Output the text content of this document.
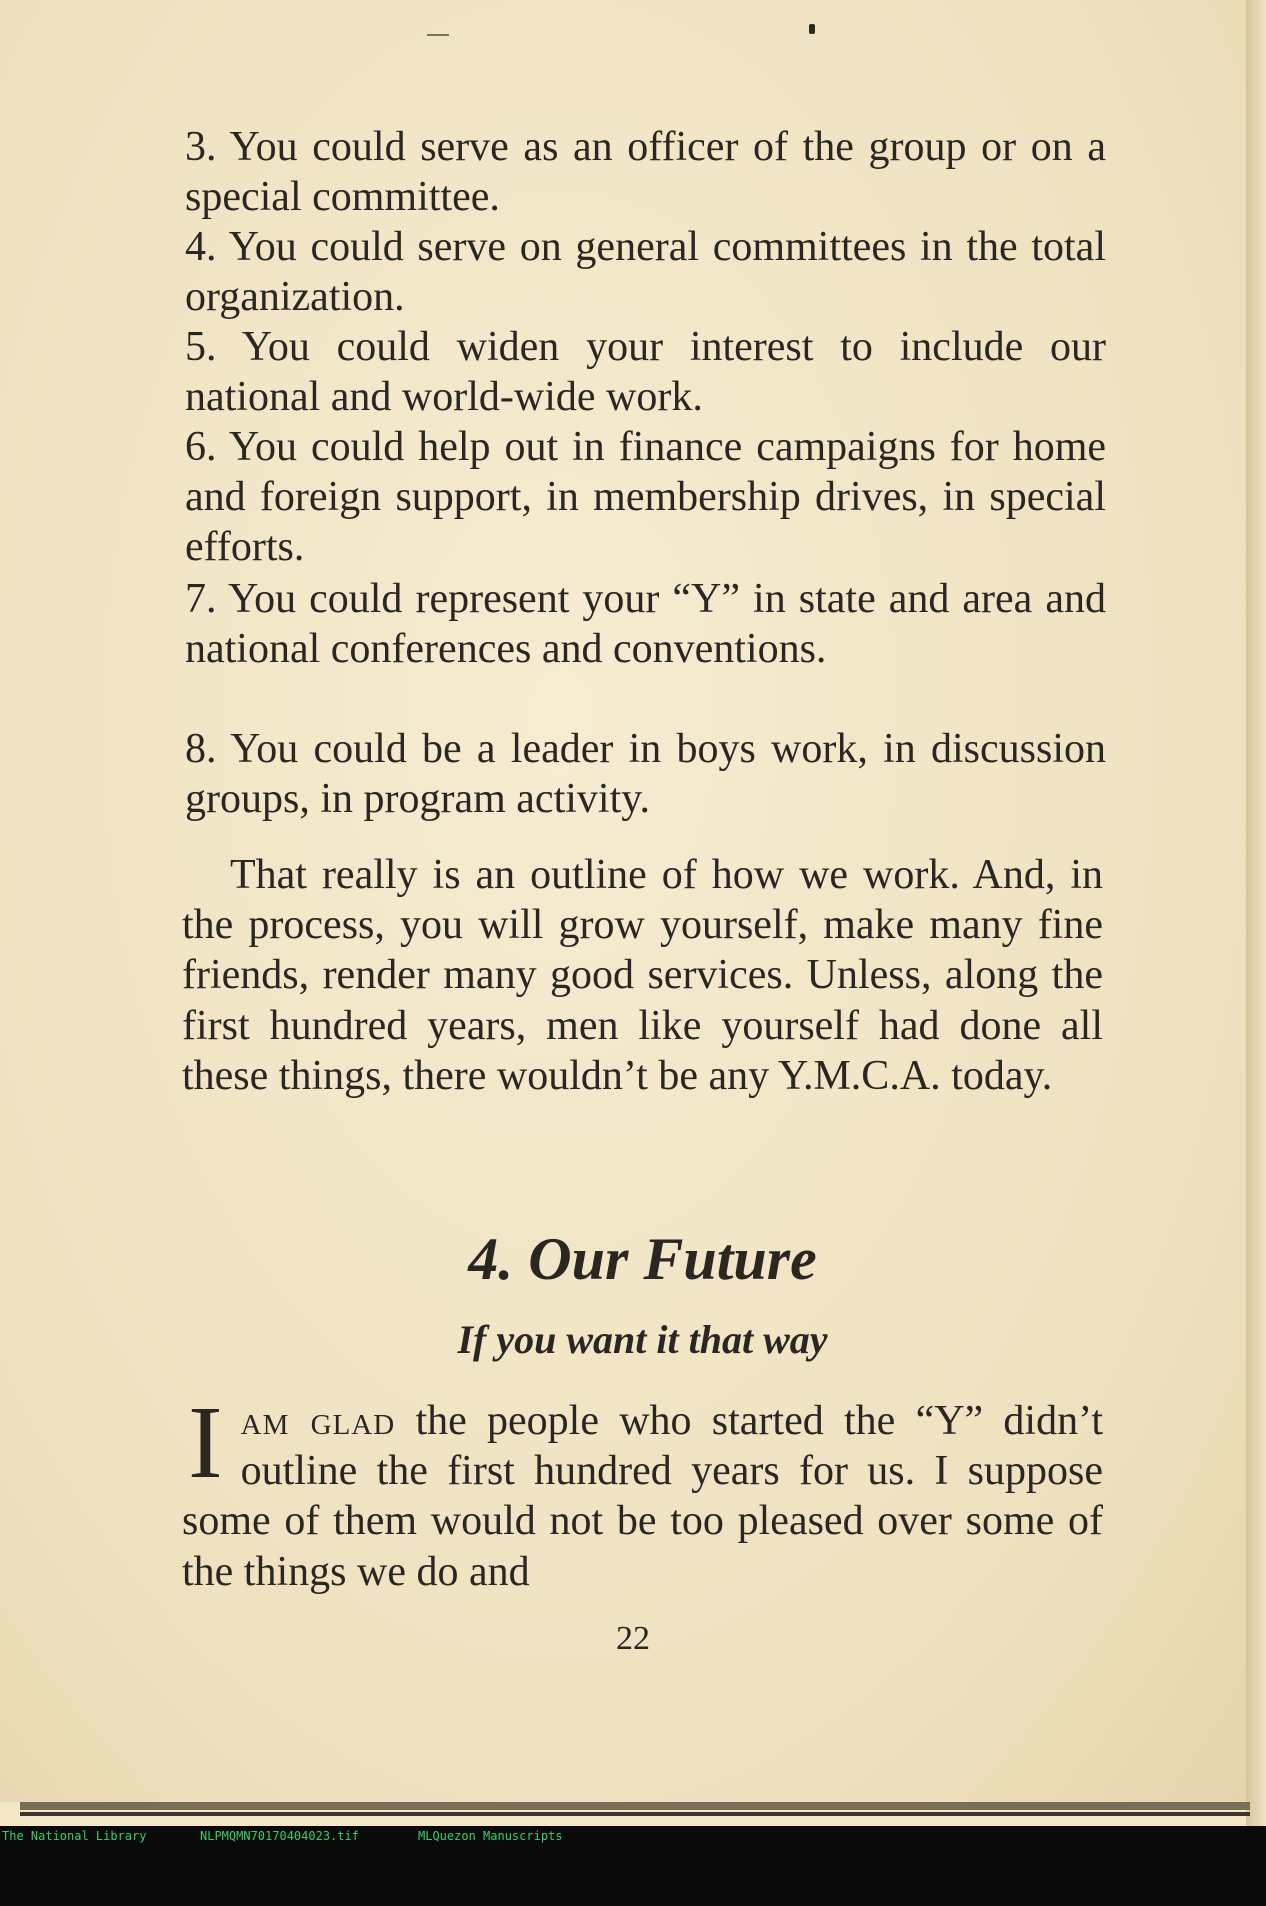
3. You could serve as an officer of the group or on a special committee.

4. You could serve on general committees in the total organization.

5. You could widen your interest to include our national and world-wide work.

6. You could help out in finance campaigns for home and foreign support, in membership drives, in special efforts.

7. You could represent your “Y” in state and area and national conferences and conventions.

8. You could be a leader in boys work, in discussion groups, in program activity.

That really is an outline of how we work. And, in the process, you will grow yourself, make many fine friends, render many good services. Unless, along the first hundred years, men like yourself had done all these things, there wouldn’t be any Y.M.C.A. today.

4. Our Future
If you want it that way

Iam glad the people who started the “Y” didn’t outline the first hundred years for us. I suppose some of them would not be too pleased over some of the things we do and

22

The National Library

	NLPMQMN70170404023.tif

	MLQuezon Manuscripts
